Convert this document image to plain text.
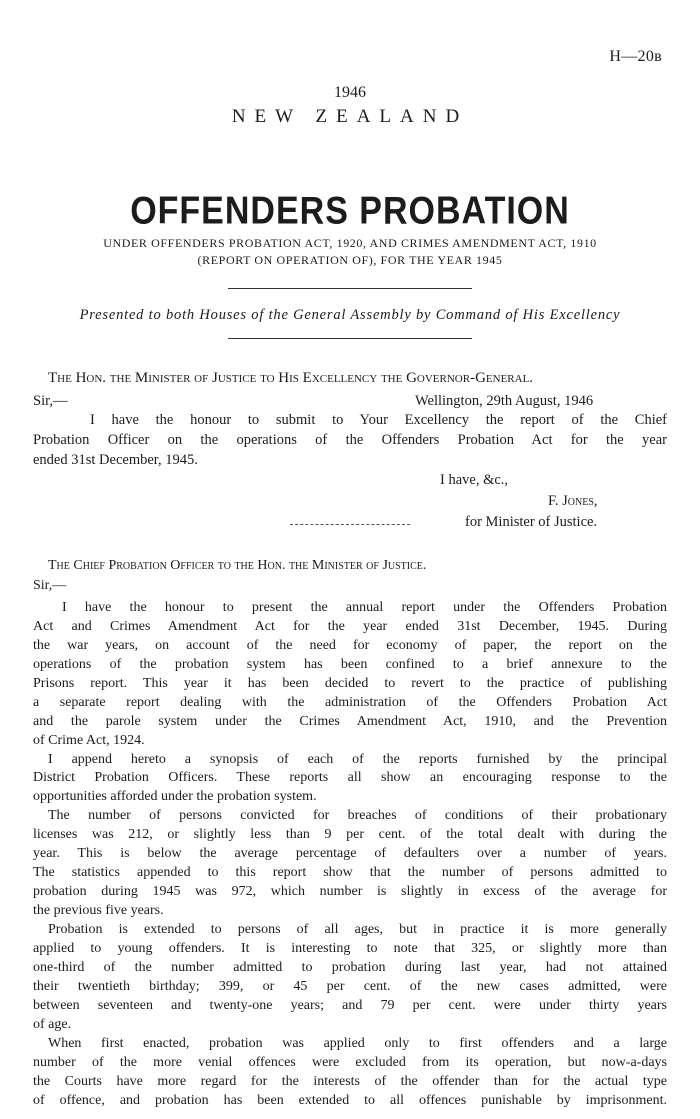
H—20в
1946
NEW ZEALAND
OFFENDERS PROBATION
UNDER OFFENDERS PROBATION ACT, 1920, AND CRIMES AMENDMENT ACT, 1910
(REPORT ON OPERATION OF), FOR THE YEAR 1945
Presented to both Houses of the General Assembly by Command of His Excellency
The Hon. the Minister of Justice to His Excellency the Governor-General.
Sir,—	Wellington, 29th August, 1946
I have the honour to submit to Your Excellency the report of the Chief
Probation Officer on the operations of the Offenders Probation Act for the year
ended 31st December, 1945.
I have, &c.,
F. Jones,
for Minister of Justice.
The Chief Probation Officer to the Hon. the Minister of Justice.
Sir,—
I have the honour to present the annual report under the Offenders Probation
Act and Crimes Amendment Act for the year ended 31st December, 1945. During
the war years, on account of the need for economy of paper, the report on the
operations of the probation system has been confined to a brief annexure to the
Prisons report. This year it has been decided to revert to the practice of publishing
a separate report dealing with the administration of the Offenders Probation Act
and the parole system under the Crimes Amendment Act, 1910, and the Prevention
of Crime Act, 1924.
I append hereto a synopsis of each of the reports furnished by the principal
District Probation Officers. These reports all show an encouraging response to the
opportunities afforded under the probation system.
The number of persons convicted for breaches of conditions of their probationary
licenses was 212, or slightly less than 9 per cent. of the total dealt with during the
year. This is below the average percentage of defaulters over a number of years.
The statistics appended to this report show that the number of persons admitted to
probation during 1945 was 972, which number is slightly in excess of the average for
the previous five years.
Probation is extended to persons of all ages, but in practice it is more generally
applied to young offenders. It is interesting to note that 325, or slightly more than
one-third of the number admitted to probation during last year, had not attained
their twentieth birthday; 399, or 45 per cent. of the new cases admitted, were
between seventeen and twenty-one years; and 79 per cent. were under thirty years
of age.
When first enacted, probation was applied only to first offenders and a large
number of the more venial offences were excluded from its operation, but now-a-days
the Courts have more regard for the interests of the offender than for the actual type
of offence, and probation has been extended to all offences punishable by imprisonment.
